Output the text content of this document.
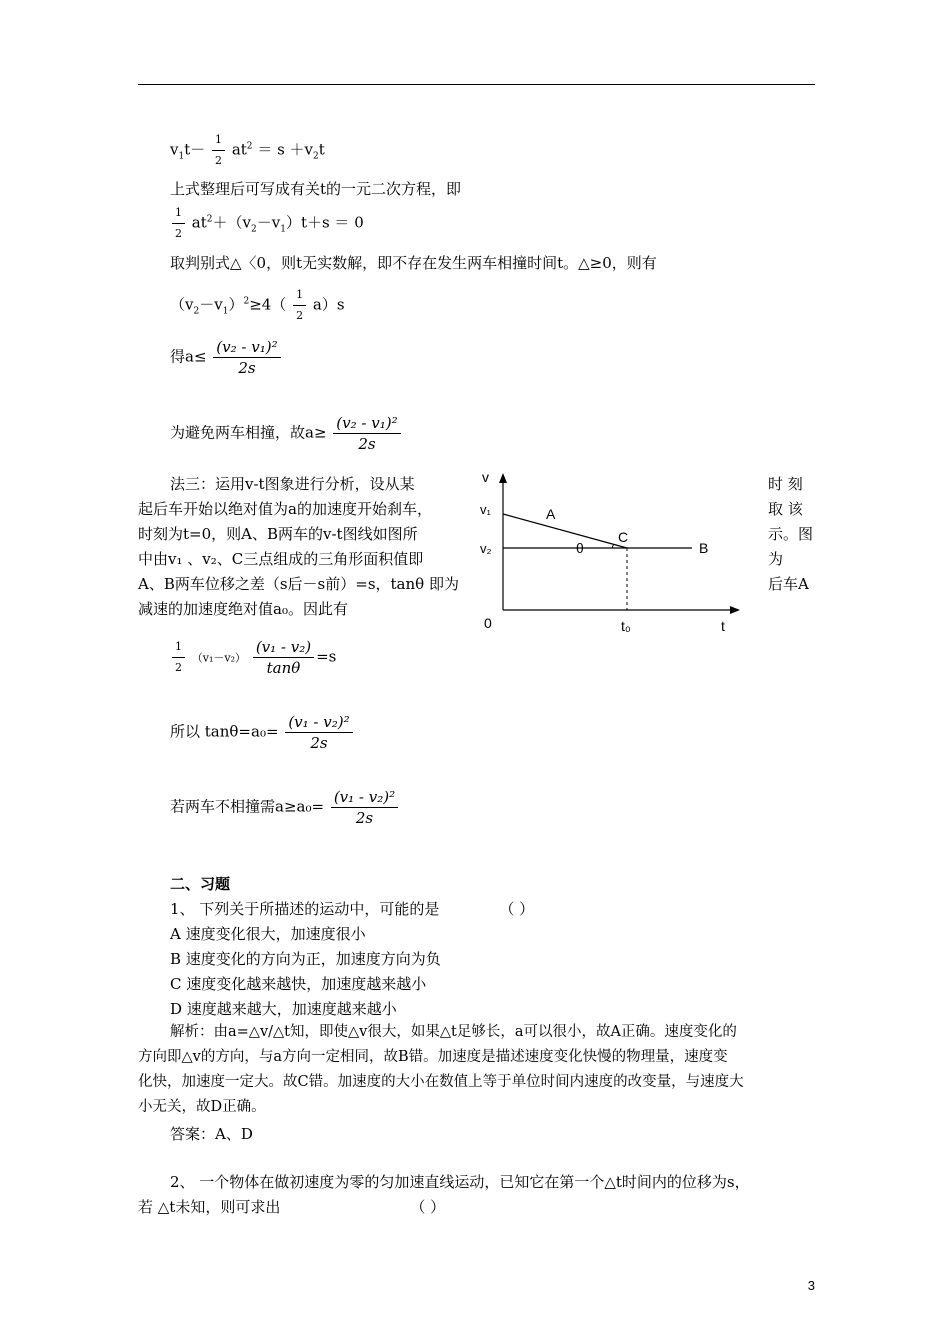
$v_1t- \frac{1}{2} at^2 = s +v_2t$
上式整理后可写成有关t的一元二次方程，即
$\frac{1}{2} at^2+(v_2-v_1)t+s = 0$
取判别式△〈0，则t无实数解，即不存在发生两车相撞时间t。△≥0，则有
$(v_2-v_1)^2\ge 4( \frac{1}{2} a)s$
得$a\le \frac{\text{(v₂ - v₁)²}}{2s}$
为避免两车相撞，故$a\ge \frac{\text{(v₂ - v₁)²}}{2s}$
法三：运用v-t图象进行分析，设从某
起后车开始以绝对值为a的加速度开始刹车，
时刻为t=0，则A、B两车的v-t图线如图所
中由v₁ 、v₂、C三点组成的三角形面积值即
A、B两车位移之差（s后－s前）=s，tanθ 即为
减速的加速度绝对值a₀。因此有
时 刻
取 该
示。图
为
后车A
v
v₁
v₂
A
C
B
θ
0	t₀	t
$\frac{1}{2} (v_1-v_2) \frac{\text{(v₁ - v₂)}}{\tan\theta} =s$
所以 $\tan\theta=a_0= \frac{\text{(v₁ - v₂)²}}{2s}$
若两车不相撞需$a\ge a_0= \frac{\text{(v₁ - v₂)²}}{2s}$
二、习题
1、 下列关于所描述的运动中，可能的是	（ ）
A 速度变化很大，加速度很小
B 速度变化的方向为正，加速度方向为负
C 速度变化越来越快，加速度越来越小
D 速度越来越大，加速度越来越小
解析：由a=△v/△t知，即使△v很大，如果△t足够长，a可以很小，故A正确。速度变化的
方向即△v的方向，与a方向一定相同，故B错。加速度是描述速度变化快慢的物理量，速度变
化快，加速度一定大。故C错。加速度的大小在数值上等于单位时间内速度的改变量，与速度大
小无关，故D正确。
答案：A、D
2、 一个物体在做初速度为零的匀加速直线运动，已知它在第一个△t时间内的位移为s，
若 △t未知，则可求出	（ ）
3
